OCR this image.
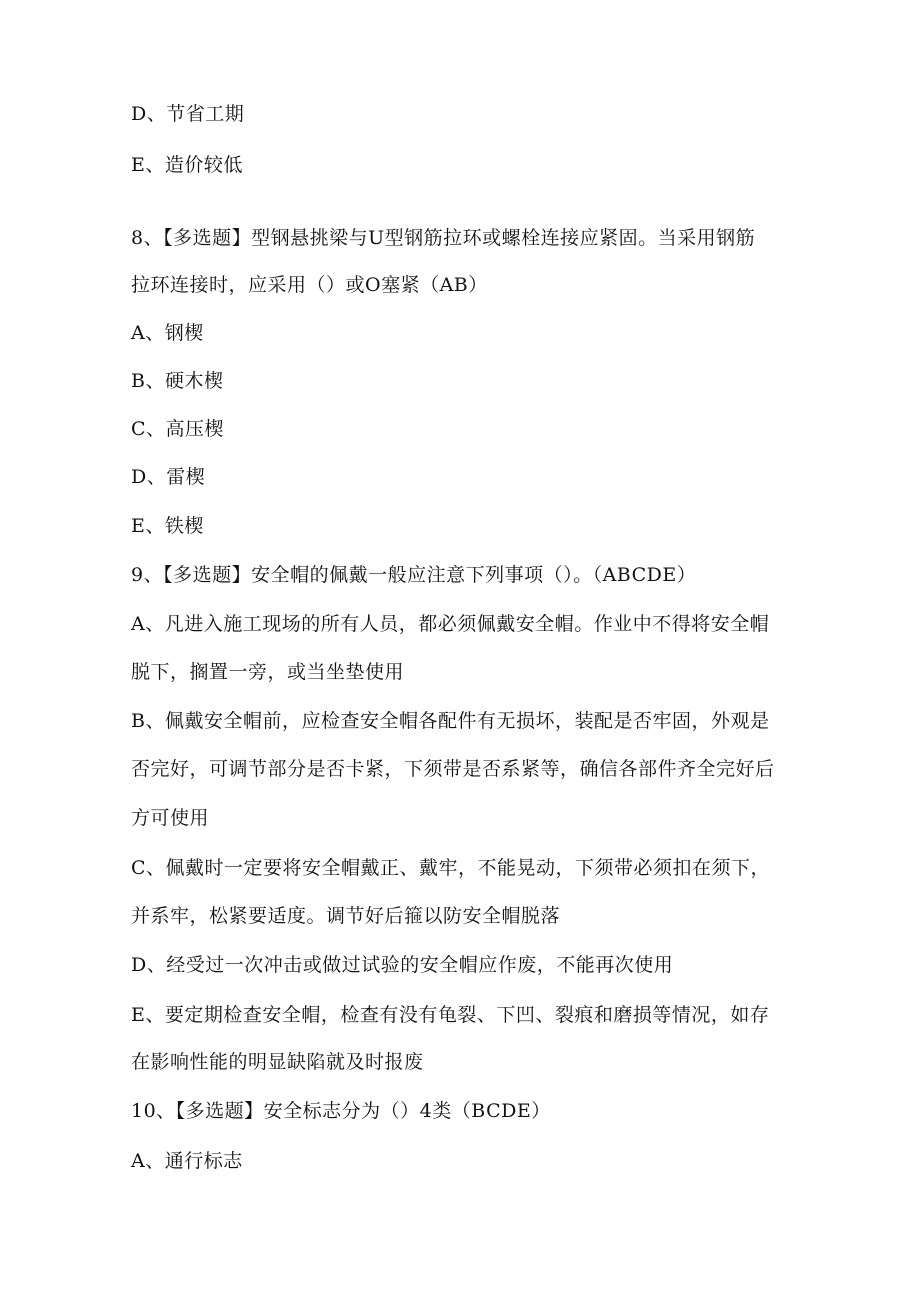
D、节省工期
E、造价较低
8、【多选题】型钢悬挑梁与U型钢筋拉环或螺栓连接应紧固。当采用钢筋
拉环连接时，应采用（）或O塞紧（AB）
A、钢楔
B、硬木楔
C、高压楔
D、雷楔
E、铁楔
9、【多选题】安全帽的佩戴一般应注意下列事项（）。（ABCDE）
A、凡进入施工现场的所有人员，都必须佩戴安全帽。作业中不得将安全帽
脱下，搁置一旁，或当坐垫使用
B、佩戴安全帽前，应检查安全帽各配件有无损坏，装配是否牢固，外观是
否完好，可调节部分是否卡紧，下须带是否系紧等，确信各部件齐全完好后
方可使用
C、佩戴时一定要将安全帽戴正、戴牢，不能晃动，下须带必须扣在须下，
并系牢，松紧要适度。调节好后箍以防安全帽脱落
D、经受过一次冲击或做过试验的安全帽应作废，不能再次使用
E、要定期检查安全帽，检查有没有龟裂、下凹、裂痕和磨损等情况，如存
在影响性能的明显缺陷就及时报废
10、【多选题】安全标志分为（）4类（BCDE）
A、通行标志
